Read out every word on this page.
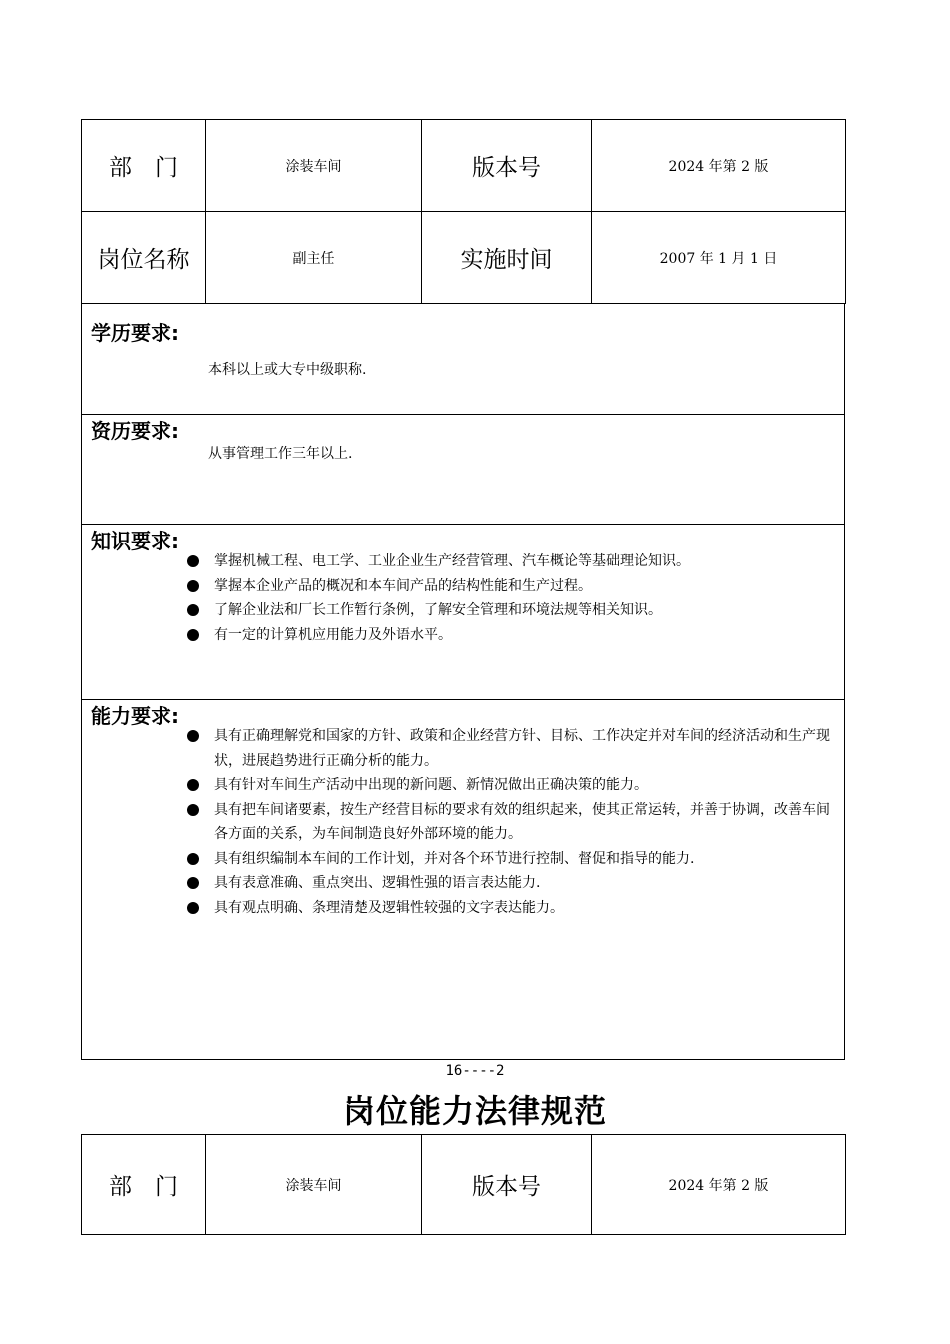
部　门	涂装车间	版本号	2024 年第 2 版
岗位名称	副主任	实施时间	2007 年 1 月 1 日
学历要求:
本科以上或大专中级职称.
资历要求:
从事管理工作三年以上.
知识要求:
掌握机械工程、电工学、工业企业生产经营管理、汽车概论等基础理论知识。
掌握本企业产品的概况和本车间产品的结构性能和生产过程。
了解企业法和厂长工作暂行条例，了解安全管理和环境法规等相关知识。
有一定的计算机应用能力及外语水平。
能力要求:
具有正确理解党和国家的方针、政策和企业经营方针、目标、工作决定并对车间的经济活动和生产现状，进展趋势进行正确分析的能力。
具有针对车间生产活动中出现的新问题、新情况做出正确决策的能力。
具有把车间诸要素，按生产经营目标的要求有效的组织起来，使其正常运转，并善于协调，改善车间各方面的关系，为车间制造良好外部环境的能力。
具有组织编制本车间的工作计划，并对各个环节进行控制、督促和指导的能力.
具有表意准确、重点突出、逻辑性强的语言表达能力.
具有观点明确、条理清楚及逻辑性较强的文字表达能力。
16----2
岗位能力法律规范
部　门	涂装车间	版本号	2024 年第 2 版
